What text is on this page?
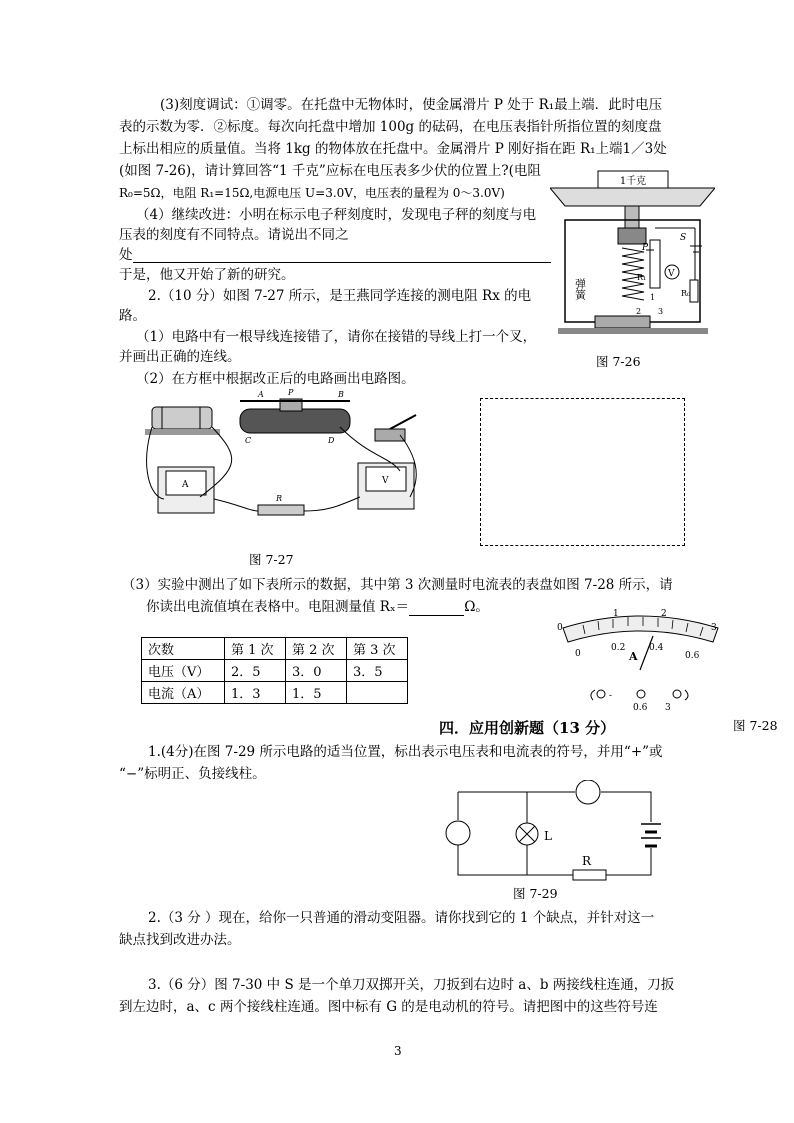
(3)刻度调试：①调零。在托盘中无物体时，使金属滑片 P 处于 R₁最上端．此时电压
表的示数为零．②标度。每次向托盘中增加 100g 的砝码，在电压表指针所指位置的刻度盘
上标出相应的质量值。当将 1kg 的物体放在托盘中。金属滑片 P 刚好指在距 R₁上端1／3处
(如图 7-26)，请计算回答“1 千克”应标在电压表多少伏的位置上?(电阻
R₀=5Ω，电阻 R₁=15Ω,电源电压 U=3.0V，电压表的量程为 0～3.0V)
（4）继续改进：小明在标示电子秤刻度时，发现电子秤的刻度与电
压表的刻度有不同特点。请说出不同之
处
于是，他又开始了新的研究。
2.（10 分）如图 7-27 所示，是王燕同学连接的测电阻 Rx 的电
路。
（1）电路中有一根导线连接错了，请你在接错的导线上打一个叉，
并画出正确的连线。
（2）在方框中根据改正后的电路画出电路图。
1千克
弹簧
V
P
S
R₁
R₀
1
2 3
图 7-26
A	P	B
C	D
A	V
R
图 7-27
（3）实验中测出了如下表所示的数据，其中第 3 次测量时电流表的表盘如图 7-28 所示，请
你读出电流值填在表格中。电阻测量值 Rₓ＝	Ω。
次数	第 1 次	第 2 次	第 3 次
电压（V）	2．5	3．0	3．5
电流（A）	1．3	1．5	
0
1	2
3
0
0.2	0.4
0.6
A
-
0.6 3
图 7-28
四．应用创新题（13 分）
1.(4分)在图 7-29 所示电路的适当位置，标出表示电压表和电流表的符号，并用“+”或
“−”标明正、负接线柱。
L
R
图 7-29
2.（3 分 ）现在，给你一只普通的滑动变阻器。请你找到它的 1 个缺点，并针对这一
缺点找到改进办法。
3.（6 分）图 7-30 中 S 是一个单刀双掷开关，刀扳到右边时 a、b 两接线柱连通，刀扳
到左边时，a、c 两个接线柱连通。图中标有 G 的是电动机的符号。请把图中的这些符号连
3
